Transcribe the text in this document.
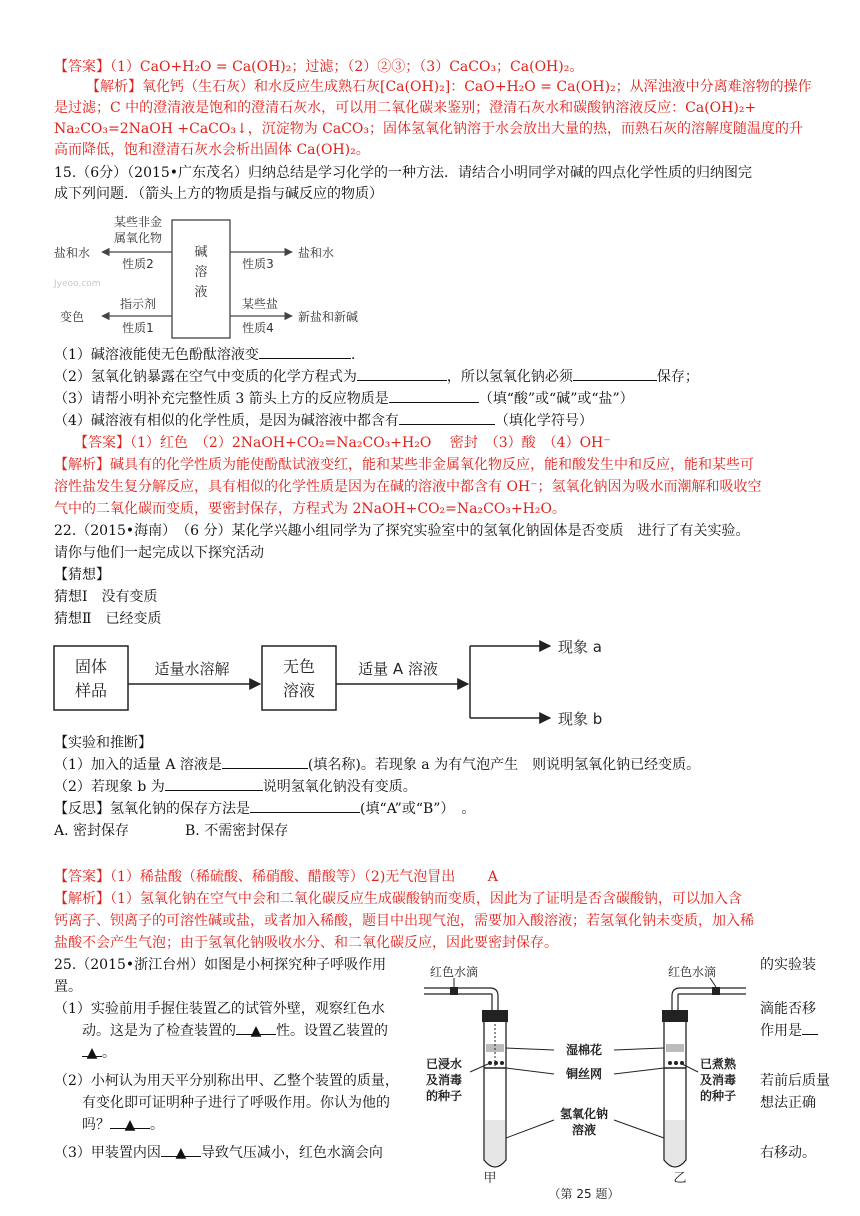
【答案】（1）CaO+H₂O = Ca(OH)₂；过滤；（2）②③；（3）CaCO₃；Ca(OH)₂。
【解析】氧化钙（生石灰）和水反应生成熟石灰[Ca(OH)₂]：CaO+H₂O = Ca(OH)₂；从浑浊液中分离难溶物的操作
是过滤；C 中的澄清液是饱和的澄清石灰水，可以用二氧化碳来鉴别；澄清石灰水和碳酸钠溶液反应：Ca(OH)₂+
Na₂CO₃=2NaOH +CaCO₃↓，沉淀物为 CaCO₃；固体氢氧化钠溶于水会放出大量的热，而熟石灰的溶解度随温度的升
高而降低，饱和澄清石灰水会析出固体 Ca(OH)₂。
15.（6分）（2015•广东茂名）归纳总结是学习化学的一种方法．请结合小明同学对碱的四点化学性质的归纳图完
成下列问题．（箭头上方的物质是指与碱反应的物质）
碱
溶
液
某些非金
属氧化物
性质2
盐和水
性质3
盐和水
Jyeoo.com
指示剂
性质1
变色
某些盐
性质4
新盐和新碱
（1）碱溶液能使无色酚酞溶液变	.
（2）氢氧化钠暴露在空气中变质的化学方程式为	，所以氢氧化钠必须	保存；
（3）请帮小明补充完整性质 3 箭头上方的反应物质是	（填“酸”或“碱”或“盐”）
（4）碱溶液有相似的化学性质，是因为碱溶液中都含有	（填化学符号）
【答案】（1）红色　（2）2NaOH+CO₂=Na₂CO₃+H₂O　 密封　（3）酸　（4）OH⁻
【解析】碱具有的化学性质为能使酚酞试液变红，能和某些非金属氧化物反应，能和酸发生中和反应，能和某些可
溶性盐发生复分解反应，具有相似的化学性质是因为在碱的溶液中都含有 OH⁻；氢氧化钠因为吸水而潮解和吸收空
气中的二氧化碳而变质，要密封保存，方程式为 2NaOH+CO₂=Na₂CO₃+H₂O。
22.（2015•海南）　（6 分）某化学兴趣小组同学为了探究实验室中的氢氧化钠固体是否变质　进行了有关实验。
请你与他们一起完成以下探究活动
【猜想】
猜想Ⅰ　没有变质
猜想Ⅱ　已经变质
固体
样品
适量水溶解	无色
溶液
适量 A 溶液
现象 a
现象 b
【实验和推断】
（1）加入的适量 A 溶液是	(填名称)。若现象 a 为有气泡产生　则说明氢氧化钠已经变质。
（2）若现象 b 为	说明氢氧化钠没有变质。
【反思】氢氧化钠的保存方法是	(填“A”或“B”）　。
A. 密封保存　　　　B. 不需密封保存
【答案】（1）稀盐酸（稀硫酸、稀硝酸、醋酸等）（2)无气泡冒出　　 A
【解析】（1）氢氧化钠在空气中会和二氧化碳反应生成碳酸钠而变质，因此为了证明是否含碳酸钠，可以加入含
钙离子、钡离子的可溶性碱或盐，或者加入稀酸，题目中出现气泡，需要加入酸溶液；若氢氧化钠未变质，加入稀
盐酸不会产生气泡；由于氢氧化钠吸收水分、和二氧化碳反应，因此要密封保存。
25.（2015•浙江台州）如图是小柯探究种子呼吸作用
置。
（1）实验前用手握住装置乙的试管外壁，观察红色水
动。这是为了检查装置的 ▲ 性。设置乙装置的
▲ 。
（2）小柯认为用天平分别称出甲、乙整个装置的质量，
有变化即可证明种子进行了呼吸作用。你认为他的
吗？ ▲ 。
（3）甲装置内因 ▲ 导致气压减小，红色水滴会向
的实验装
滴能否移
作用是
若前后质量
想法正确
右移动。
红色水滴	红色水滴
已浸水
及消毒
的种子
已煮熟
及消毒
的种子
湿棉花
铜丝网
氢氧化钠
溶液
甲	乙
（第 25 题）
